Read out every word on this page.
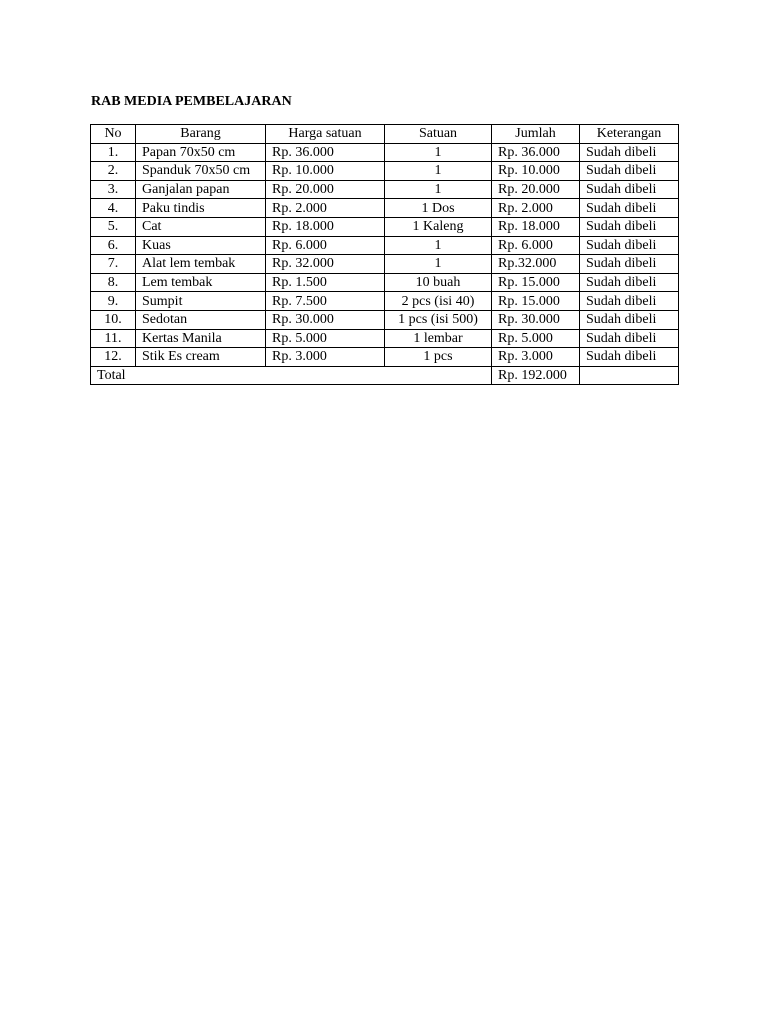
RAB MEDIA PEMBELAJARAN
No	Barang	Harga satuan	Satuan	Jumlah	Keterangan
1.	Papan 70x50 cm	Rp. 36.000	1	Rp. 36.000	Sudah dibeli
2.	Spanduk 70x50 cm	Rp. 10.000	1	Rp. 10.000	Sudah dibeli
3.	Ganjalan papan	Rp. 20.000	1	Rp. 20.000	Sudah dibeli
4.	Paku tindis	Rp. 2.000	1 Dos	Rp. 2.000	Sudah dibeli
5.	Cat	Rp. 18.000	1 Kaleng	Rp. 18.000	Sudah dibeli
6.	Kuas	Rp. 6.000	1	Rp. 6.000	Sudah dibeli
7.	Alat lem tembak	Rp. 32.000	1	Rp.32.000	Sudah dibeli
8.	Lem tembak	Rp. 1.500	10 buah	Rp. 15.000	Sudah dibeli
9.	Sumpit	Rp. 7.500	2 pcs (isi 40)	Rp. 15.000	Sudah dibeli
10.	Sedotan	Rp. 30.000	1 pcs (isi 500)	Rp. 30.000	Sudah dibeli
11.	Kertas Manila	Rp. 5.000	1 lembar	Rp. 5.000	Sudah dibeli
12.	Stik Es cream	Rp. 3.000	1 pcs	Rp. 3.000	Sudah dibeli
Total				Rp. 192.000	
